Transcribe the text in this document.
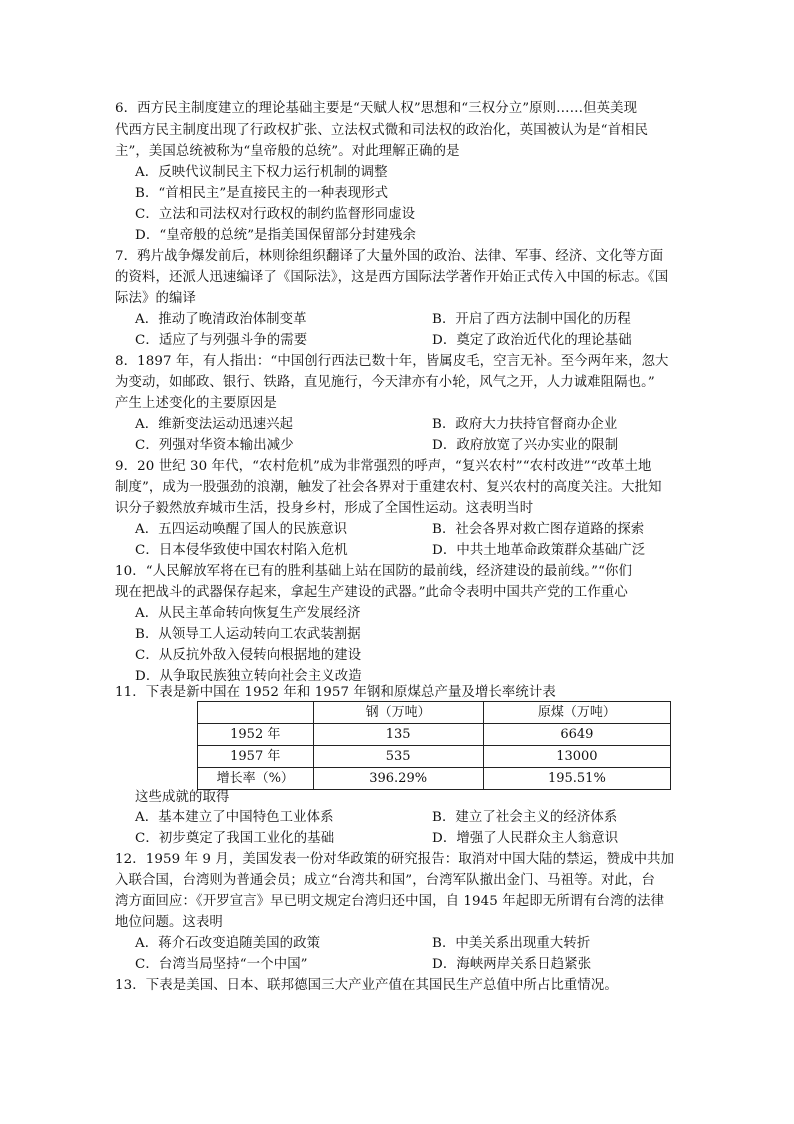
6．西方民主制度建立的理论基础主要是“天赋人权”思想和“三权分立”原则……但英美现
代西方民主制度出现了行政权扩张、立法权式微和司法权的政治化，英国被认为是“首相民
主”，美国总统被称为“皇帝般的总统”。对此理解正确的是
A．反映代议制民主下权力运行机制的调整
B．“首相民主”是直接民主的一种表现形式
C．立法和司法权对行政权的制约监督形同虚设
D．“皇帝般的总统”是指美国保留部分封建残余
7．鸦片战争爆发前后，林则徐组织翻译了大量外国的政治、法律、军事、经济、文化等方面
的资料，还派人迅速编译了《国际法》，这是西方国际法学著作开始正式传入中国的标志。《国
际法》的编译
A．推动了晚清政治体制变革	B．开启了西方法制中国化的历程
C．适应了与列强斗争的需要	D．奠定了政治近代化的理论基础
8．1897 年，有人指出：“中国创行西法已数十年，皆属皮毛，空言无补。至今两年来，忽大
为变动，如邮政、银行、铁路，直见施行，今天津亦有小轮，风气之开，人力诚难阻隔也。”
产生上述变化的主要原因是
A．维新变法运动迅速兴起	B．政府大力扶持官督商办企业
C．列强对华资本输出减少	D．政府放宽了兴办实业的限制
9．20 世纪 30 年代，“农村危机”成为非常强烈的呼声，“复兴农村”“农村改进”“改革土地
制度”，成为一股强劲的浪潮，触发了社会各界对于重建农村、复兴农村的高度关注。大批知
识分子毅然放弃城市生活，投身乡村，形成了全国性运动。这表明当时
A．五四运动唤醒了国人的民族意识	B．社会各界对救亡图存道路的探索
C．日本侵华致使中国农村陷入危机	D．中共土地革命政策群众基础广泛
10．“人民解放军将在已有的胜利基础上站在国防的最前线，经济建设的最前线。”“你们
现在把战斗的武器保存起来，拿起生产建设的武器。”此命令表明中国共产党的工作重心
A．从民主革命转向恢复生产发展经济
B．从领导工人运动转向工农武装割据
C．从反抗外敌入侵转向根据地的建设
D．从争取民族独立转向社会主义改造
11．下表是新中国在 1952 年和 1957 年钢和原煤总产量及增长率统计表
	钢（万吨）	原煤（万吨）
1952 年	135	6649
1957 年	535	13000
增长率（%）	396.29%	195.51%
这些成就的取得
A．基本建立了中国特色工业体系	B．建立了社会主义的经济体系
C．初步奠定了我国工业化的基础	D．增强了人民群众主人翁意识
12．1959 年 9 月，美国发表一份对华政策的研究报告：取消对中国大陆的禁运，赞成中共加
入联合国，台湾则为普通会员；成立“台湾共和国”，台湾军队撤出金门、马祖等。对此，台
湾方面回应：《开罗宣言》早已明文规定台湾归还中国，自 1945 年起即无所谓有台湾的法律
地位问题。这表明
A．蒋介石改变追随美国的政策	B．中美关系出现重大转折
C．台湾当局坚持“一个中国”	D．海峡两岸关系日趋紧张
13．下表是美国、日本、联邦德国三大产业产值在其国民生产总值中所占比重情况。
